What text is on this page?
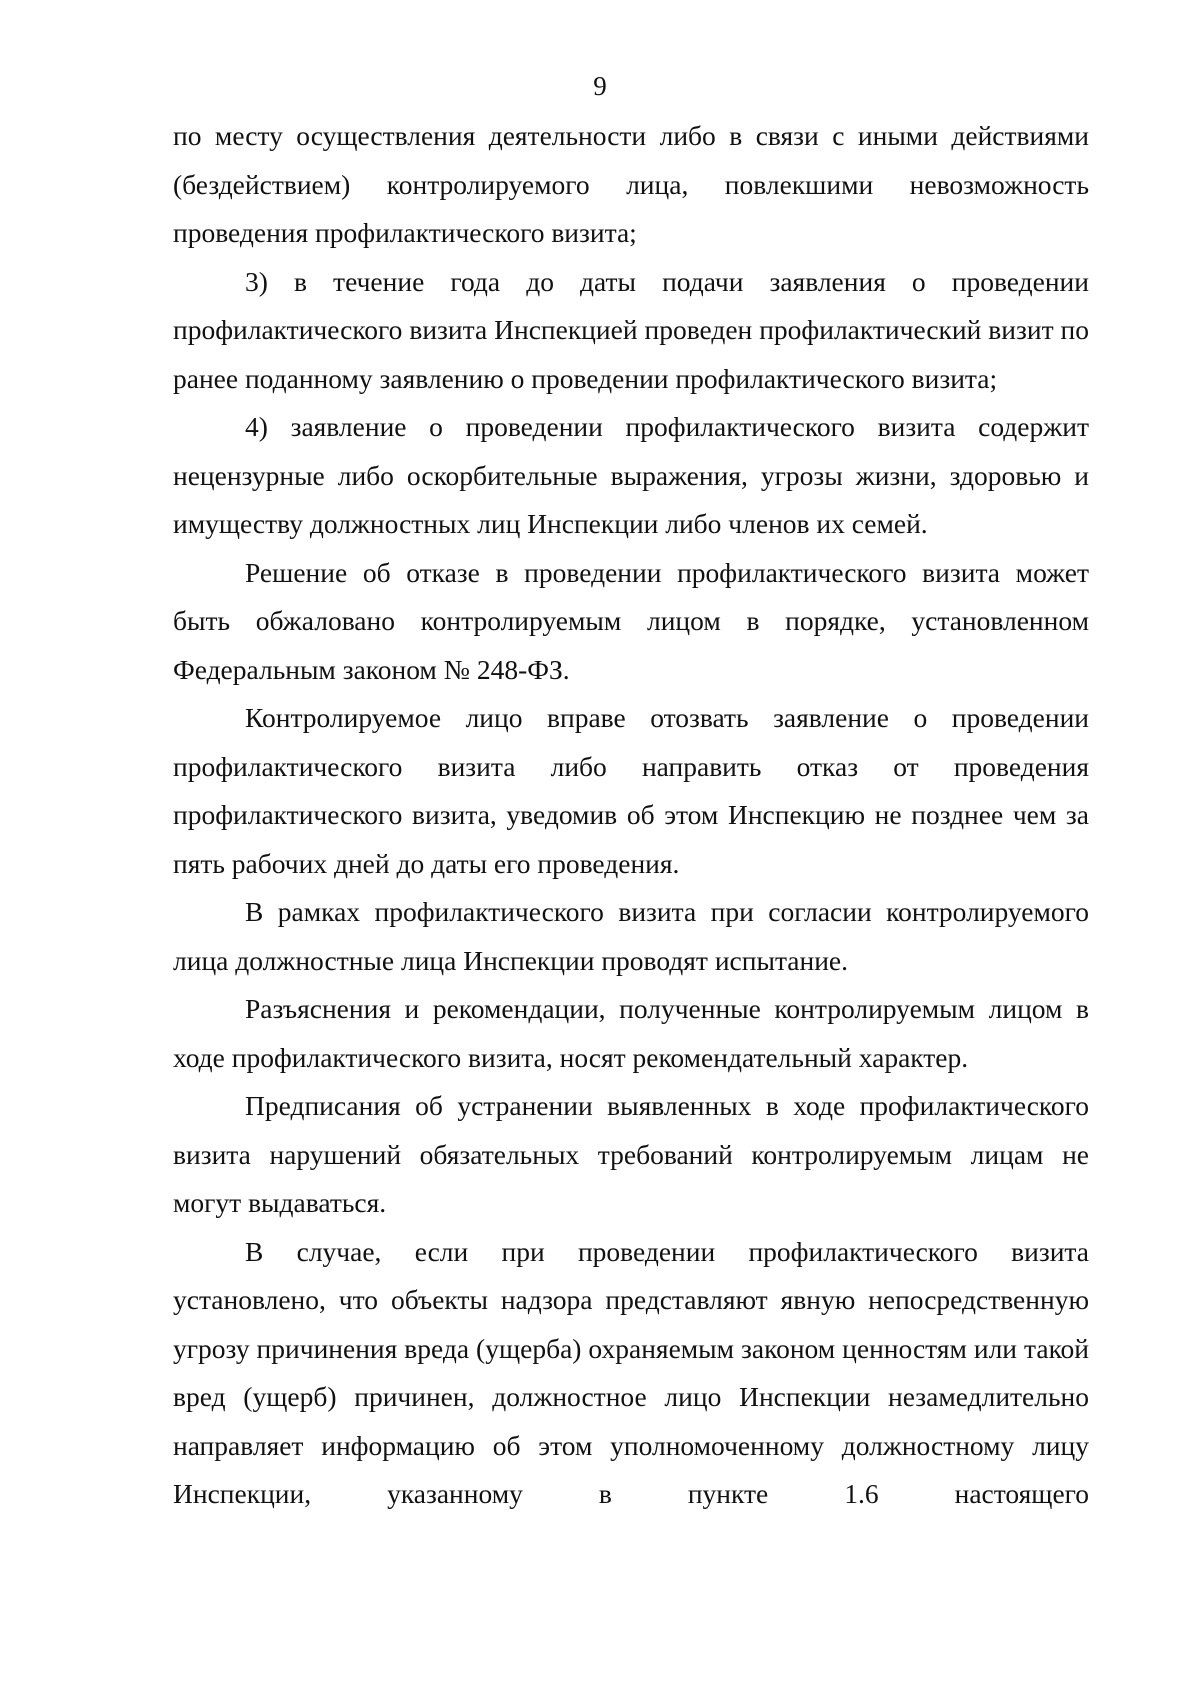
9

по месту осуществления деятельности либо в связи с иными действиями (бездействием) контролируемого лица, повлекшими невозможность проведения профилактического визита;

3) в течение года до даты подачи заявления о проведении профилактического визита Инспекцией проведен профилактический визит по ранее поданному заявлению о проведении профилактического визита;

4) заявление о проведении профилактического визита содержит нецензурные либо оскорбительные выражения, угрозы жизни, здоровью и имуществу должностных лиц Инспекции либо членов их семей.

Решение об отказе в проведении профилактического визита может быть обжаловано контролируемым лицом в порядке, установленном Федеральным законом № 248-ФЗ.

Контролируемое лицо вправе отозвать заявление о проведении профилактического визита либо направить отказ от проведения профилактического визита, уведомив об этом Инспекцию не позднее чем за пять рабочих дней до даты его проведения.

В рамках профилактического визита при согласии контролируемого лица должностные лица Инспекции проводят испытание.

Разъяснения и рекомендации, полученные контролируемым лицом в ходе профилактического визита, носят рекомендательный характер.

Предписания об устранении выявленных в ходе профилактического визита нарушений обязательных требований контролируемым лицам не могут выдаваться.

В случае, если при проведении профилактического визита установлено, что объекты надзора представляют явную непосредственную угрозу причинения вреда (ущерба) охраняемым законом ценностям или такой вред (ущерб) причинен, должностное лицо Инспекции незамедлительно направляет информацию об этом уполномоченному должностному лицу Инспекции, указанному в пункте 1.6 настоящего
